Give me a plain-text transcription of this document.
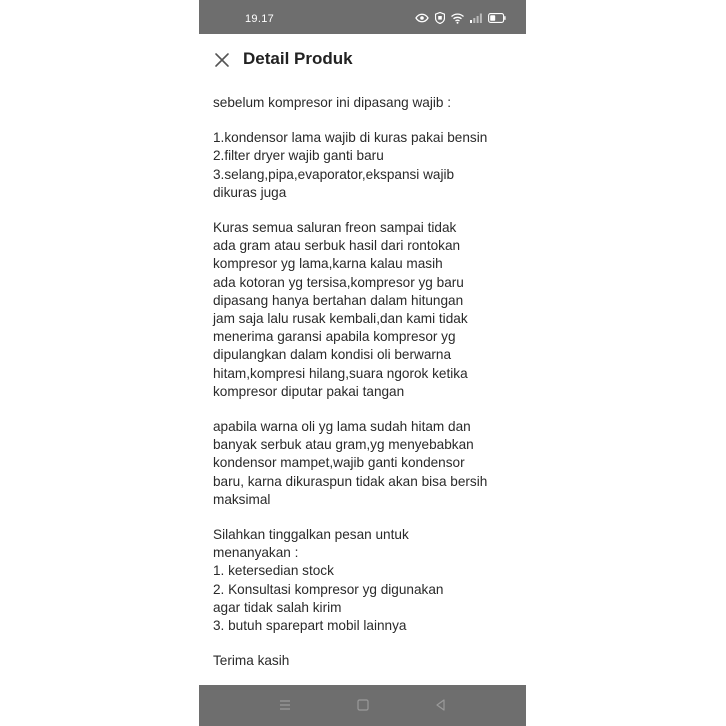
19.17
Detail Produk

sebelum kompresor ini dipasang wajib :

1.kondensor lama wajib di kuras pakai bensin

2.filter dryer wajib ganti baru

3.selang,pipa,evaporator,ekspansi wajib

dikuras juga

Kuras semua saluran freon sampai tidak

ada gram atau serbuk hasil dari rontokan

kompresor yg lama,karna kalau masih

ada kotoran yg tersisa,kompresor yg baru

dipasang hanya bertahan dalam hitungan

jam saja lalu rusak kembali,dan kami tidak

menerima garansi apabila kompresor yg

dipulangkan dalam kondisi oli berwarna

hitam,kompresi hilang,suara ngorok ketika

kompresor diputar pakai tangan

apabila warna oli yg lama sudah hitam dan

banyak serbuk atau gram,yg menyebabkan

kondensor mampet,wajib ganti kondensor

baru, karna dikuraspun tidak akan bisa bersih

maksimal

Silahkan tinggalkan pesan untuk

menanyakan :

1. ketersedian stock

2. Konsultasi kompresor yg digunakan

agar tidak salah kirim

3. butuh sparepart mobil lainnya

Terima kasih
